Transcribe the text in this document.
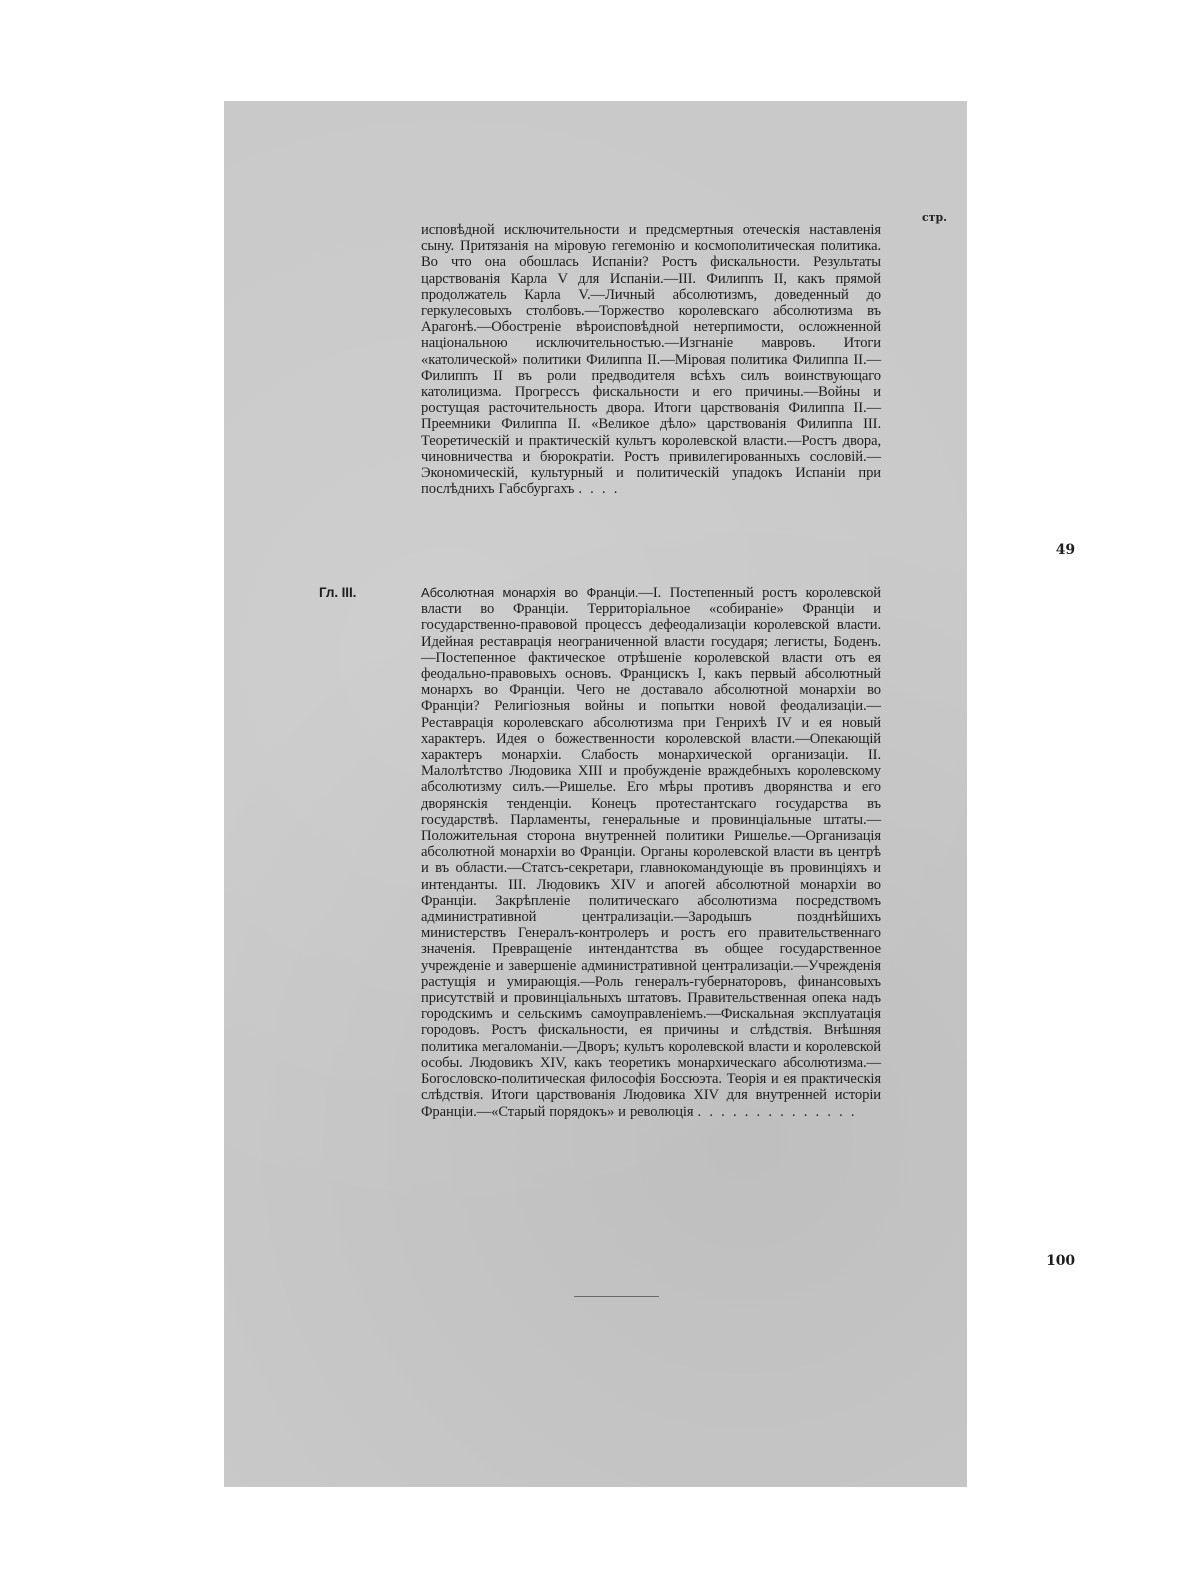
стр.
исповѣдной исключительности и предсмертныя отеческія наставленія сыну. Притязанія на міровую гегемонію и космополитическая политика. Во что она обошлась Испаніи? Ростъ фискальности. Результаты царствованія Карла V для Испаніи.—III. Филиппъ II, какъ прямой продолжатель Карла V.—Личный абсолютизмъ, доведенный до геркулесовыхъ столбовъ.—Торжество королевскаго абсолютизма въ Арагонѣ.—Обостреніе вѣроисповѣдной нетерпимости, осложненной національною исключительностью.—Изгнаніе мавровъ. Итоги «католической» политики Филиппа II.—Міровая политика Филиппа II.—Филиппъ II въ роли предводителя всѣхъ силъ воинствующаго католицизма. Прогрессъ фискальности и его причины.—Войны и ростущая расточительность двора. Итоги царствованія Филиппа II.—Преемники Филиппа II. «Великое дѣло» царствованія Филиппа III. Теоретическій и практическій культъ королевской власти.—Ростъ двора, чиновничества и бюрократіи. Ростъ привилегированныхъ сословій.—Экономическій, культурный и политическій упадокъ Испаніи при послѣднихъ Габсбургахъ . . . .
49
Гл. III.	Абсолютная монархія во Франціи.—I. Постепенный ростъ королевской власти во Франціи. Территоріальное «собираніе» Франціи и государственно-правовой процессъ дефеодализаціи королевской власти. Идейная реставрація неограниченной власти государя; легисты, Боденъ.—Постепенное фактическое отрѣшеніе королевской власти отъ ея феодально-правовыхъ основъ. Францискъ I, какъ первый абсолютный монархъ во Франціи. Чего не доставало абсолютной монархіи во Франціи? Религіозныя войны и попытки новой феодализаціи.—Реставрація королевскаго абсолютизма при Генрихѣ IV и ея новый характеръ. Идея о божественности королевской власти.—Опекающій характеръ монархіи. Слабость монархической организаціи. II. Малолѣтство Людовика XIII и пробужденіе враждебныхъ королевскому абсолютизму силъ.—Ришелье. Его мѣры противъ дворянства и его дворянскія тенденціи. Конецъ протестантскаго государства въ государствѣ. Парламенты, генеральные и провинціальные штаты.—Положительная сторона внутренней политики Ришелье.—Организація абсолютной монархіи во Франціи. Органы королевской власти въ центрѣ и въ области.—Статсъ-секретари, главнокомандующіе въ провинціяхъ и интенданты. III. Людовикъ XIV и апогей абсолютной монархіи во Франціи. Закрѣпленіе политическаго абсолютизма посредствомъ административной централизаціи.—Зародышъ позднѣйшихъ министерствъ Генералъ-контролеръ и ростъ его правительственнаго значенія. Превращеніе интендантства въ общее государственное учрежденіе и завершеніе административной централизаціи.—Учрежденія растущія и умирающія.—Роль генералъ-губернаторовъ, финансовыхъ присутствій и провинціальныхъ штатовъ. Правительственная опека надъ городскимъ и сельскимъ самоуправленіемъ.—Фискальная эксплуатація городовъ. Ростъ фискальности, ея причины и слѣдствія. Внѣшняя политика мегаломаніи.—Дворъ; культъ королевской власти и королевской особы. Людовикъ XIV, какъ теоретикъ монархическаго абсолютизма.—Богословско-политическая философія Боссюэта. Теорія и ея практическія слѣдствія. Итоги царствованія Людовика XIV для внутренней исторіи Франціи.—«Старый порядокъ» и революція . . . . . . . . . . . . . .
100
